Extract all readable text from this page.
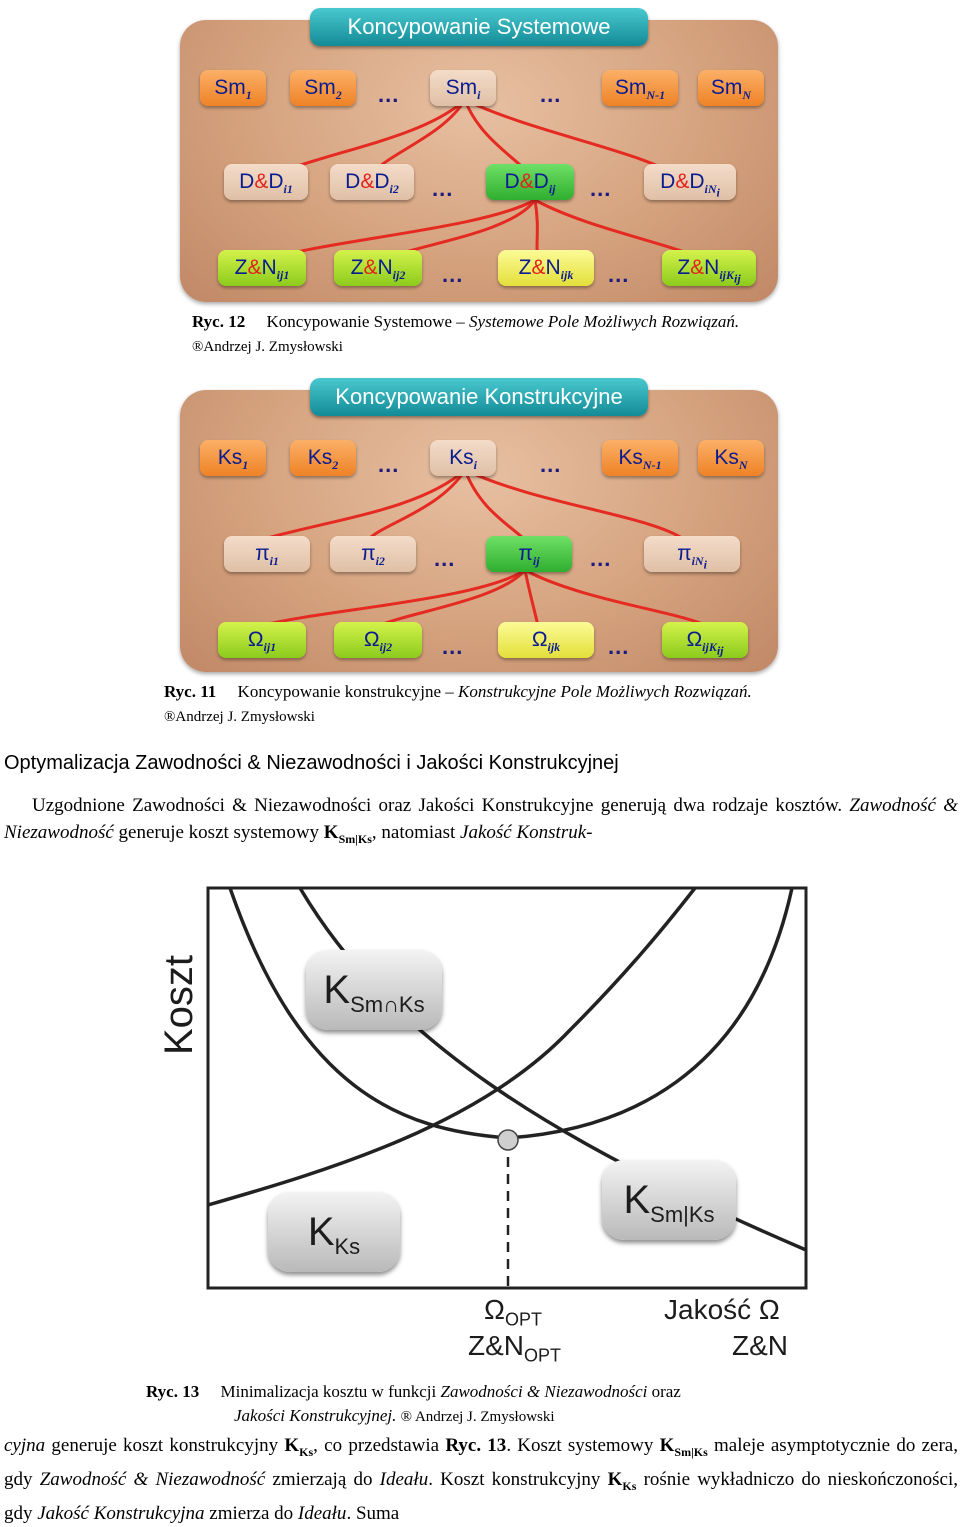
Koncypowanie Systemowe
$Sm_1$	$Sm_2$	...	$Sm_i$	...	$Sm_{N-1}$	$Sm_N$
$D\&D_{i1}$	$D\&D_{i2}$	...	$D\&D_{ij}$	...	$D\&D_{iN_i}$
$Z\&N_{ij1}$	$Z\&N_{ij2}$	...	$Z\&N_{ijk}$	...	$Z\&N_{ijK_{ij}}$
Ryc. 12 Koncypowanie Systemowe – Systemowe Pole Możliwych Rozwiązań. ®Andrzej J. Zmysłowski
Koncypowanie Konstrukcyjne
$Ks_1$	$Ks_2$	...	$Ks_i$	...	$Ks_{N-1}$	$Ks_N$
$\pi_{i1}$	$\pi_{i2}$	...	$\pi_{ij}$	...	$\pi_{iN_i}$
$\Omega_{ij1}$	$\Omega_{ij2}$	...	$\Omega_{ijk}$	...	$\Omega_{ijK_{ij}}$
Ryc. 11 Koncypowanie konstrukcyjne – Konstrukcyjne Pole Możliwych Rozwiązań. ®Andrzej J. Zmysłowski
Optymalizacja Zawodności & Niezawodności i Jakości Konstrukcyjnej
Uzgodnione Zawodności & Niezawodności oraz Jakości Konstrukcyjne generują dwa rodzaje kosztów. Zawodność & Niezawodność generuje koszt systemowy $K_{Sm|Ks}$, natomiast Jakość Konstruk-
Koszt	$K_{Sm\cap Ks}$
$K_{Ks}$
$K_{Sm|Ks}$
$\Omega_{OPT}$
$Z\&N_{OPT}$
Jakość Ω
Z&N
Ryc. 13 Minimalizacja kosztu w funkcji Zawodności & Niezawodności oraz
Jakości Konstrukcyjnej. ® Andrzej J. Zmysłowski
cyjna generuje koszt konstrukcyjny $K_{Ks}$, co przedstawia Ryc. 13. Koszt systemowy $K_{Sm|Ks}$ maleje asymptotycznie do zera, gdy Zawodność & Niezawodność zmierzają do Ideału. Koszt konstrukcyjny $K_{Ks}$ rośnie wykładniczo do nieskończoności, gdy Jakość Konstrukcyjna zmierza do Ideału. Suma
